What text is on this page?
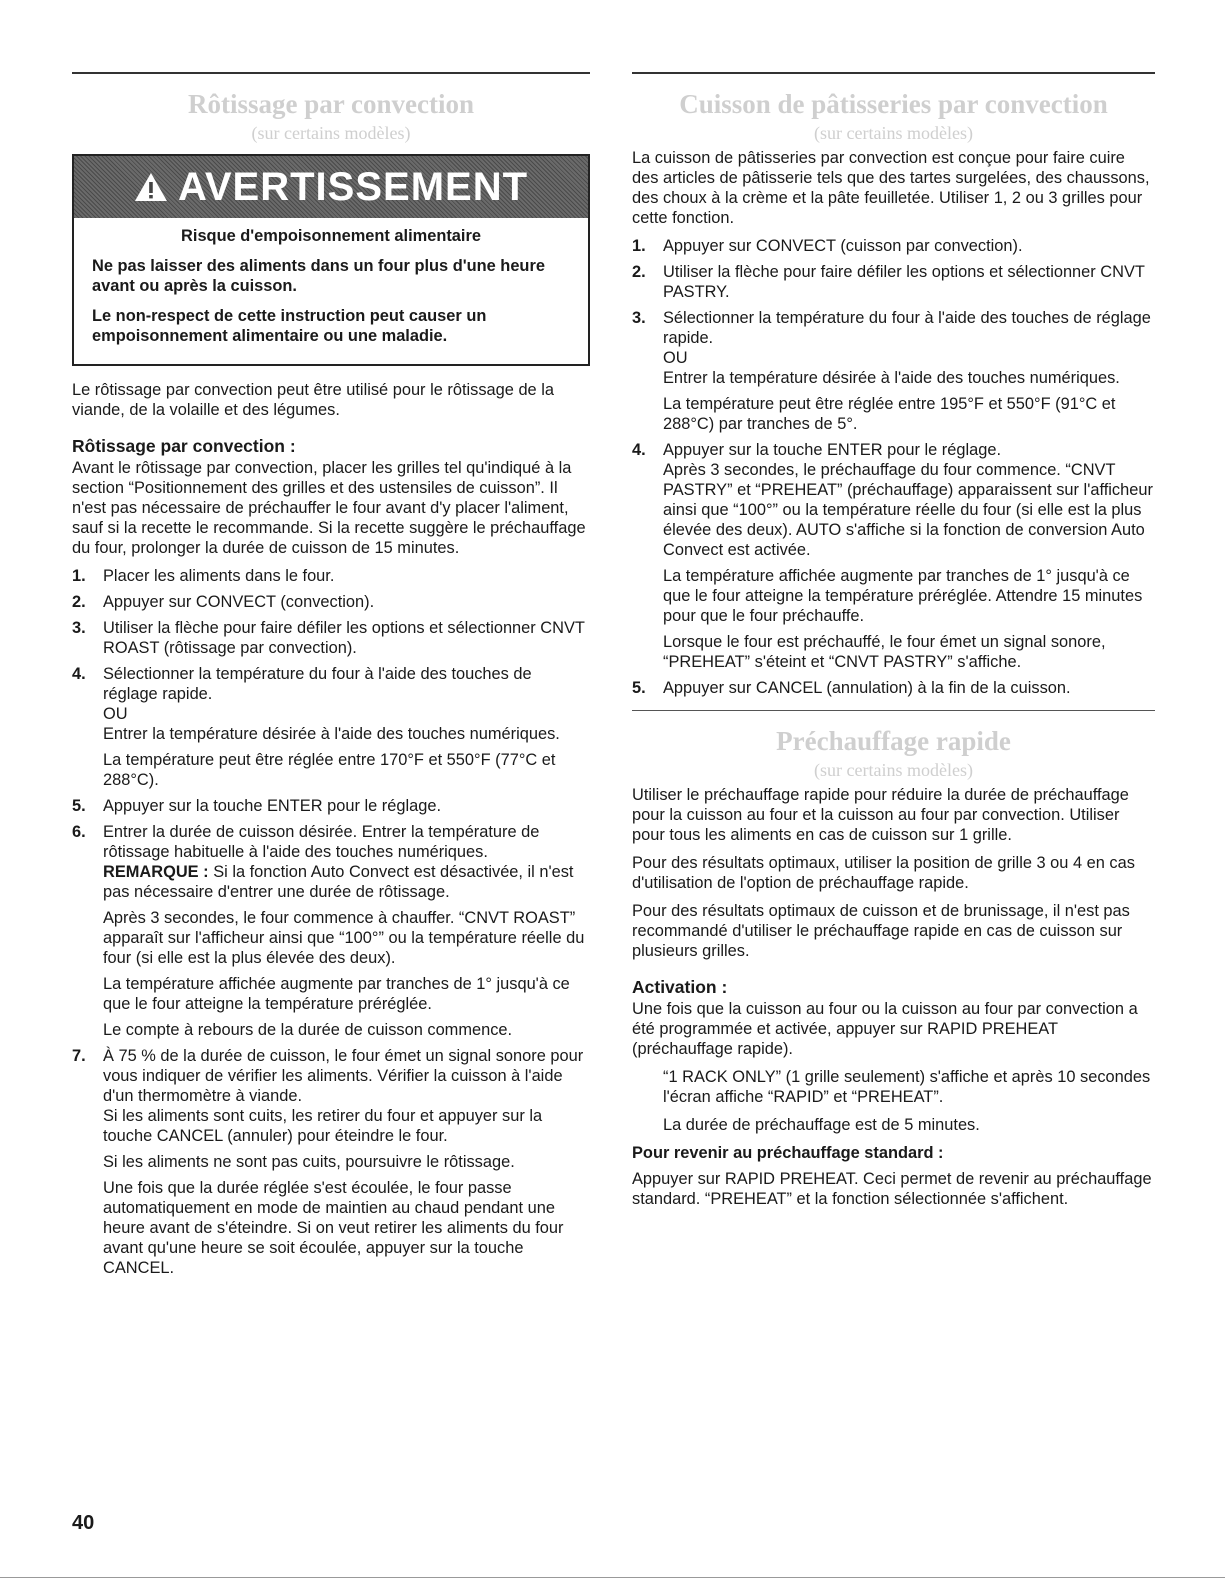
Rôtissage par convection
(sur certains modèles)
AVERTISSEMENT

Risque d'empoisonnement alimentaire

Ne pas laisser des aliments dans un four plus d'une heure avant ou après la cuisson.

Le non-respect de cette instruction peut causer un empoisonnement alimentaire ou une maladie.

Le rôtissage par convection peut être utilisé pour le rôtissage de la viande, de la volaille et des légumes.

Rôtissage par convection :

Avant le rôtissage par convection, placer les grilles tel qu'indiqué à la section “Positionnement des grilles et des ustensiles de cuisson”. Il n'est pas nécessaire de préchauffer le four avant d'y placer l'aliment, sauf si la recette le recommande. Si la recette suggère le préchauffage du four, prolonger la durée de cuisson de 15 minutes.

1. Placer les aliments dans le four.
2. Appuyer sur CONVECT (convection).
3. Utiliser la flèche pour faire défiler les options et sélectionner CNVT ROAST (rôtissage par convection).
4. Sélectionner la température du four à l'aide des touches de réglage rapide.

OU

Entrer la température désirée à l'aide des touches numériques.

La température peut être réglée entre 170°F et 550°F (77°C et 288°C).

5. Appuyer sur la touche ENTER pour le réglage.
6. Entrer la durée de cuisson désirée. Entrer la température de rôtissage habituelle à l'aide des touches numériques.

REMARQUE : Si la fonction Auto Convect est désactivée, il n'est pas nécessaire d'entrer une durée de rôtissage.

Après 3 secondes, le four commence à chauffer. “CNVT ROAST” apparaît sur l'afficheur ainsi que “100°” ou la température réelle du four (si elle est la plus élevée des deux).

La température affichée augmente par tranches de 1° jusqu'à ce que le four atteigne la température préréglée.

Le compte à rebours de la durée de cuisson commence.

7. À 75 % de la durée de cuisson, le four émet un signal sonore pour vous indiquer de vérifier les aliments. Vérifier la cuisson à l'aide d'un thermomètre à viande.

Si les aliments sont cuits, les retirer du four et appuyer sur la touche CANCEL (annuler) pour éteindre le four.

Si les aliments ne sont pas cuits, poursuivre le rôtissage.

Une fois que la durée réglée s'est écoulée, le four passe automatiquement en mode de maintien au chaud pendant une heure avant de s'éteindre. Si on veut retirer les aliments du four avant qu'une heure se soit écoulée, appuyer sur la touche CANCEL.

Cuisson de pâtisseries par convection
(sur certains modèles)

La cuisson de pâtisseries par convection est conçue pour faire cuire des articles de pâtisserie tels que des tartes surgelées, des chaussons, des choux à la crème et la pâte feuilletée. Utiliser 1, 2 ou 3 grilles pour cette fonction.

1. Appuyer sur CONVECT (cuisson par convection).
2. Utiliser la flèche pour faire défiler les options et sélectionner CNVT PASTRY.
3. Sélectionner la température du four à l'aide des touches de réglage rapide.

OU

Entrer la température désirée à l'aide des touches numériques.

La température peut être réglée entre 195°F et 550°F (91°C et 288°C) par tranches de 5°.

4. Appuyer sur la touche ENTER pour le réglage.

Après 3 secondes, le préchauffage du four commence. “CNVT PASTRY” et “PREHEAT” (préchauffage) apparaissent sur l'afficheur ainsi que “100°” ou la température réelle du four (si elle est la plus élevée des deux). AUTO s'affiche si la fonction de conversion Auto Convect est activée.

La température affichée augmente par tranches de 1° jusqu'à ce que le four atteigne la température préréglée. Attendre 15 minutes pour que le four préchauffe.

Lorsque le four est préchauffé, le four émet un signal sonore, “PREHEAT” s'éteint et “CNVT PASTRY” s'affiche.

5. Appuyer sur CANCEL (annulation) à la fin de la cuisson.
Préchauffage rapide
(sur certains modèles)

Utiliser le préchauffage rapide pour réduire la durée de préchauffage pour la cuisson au four et la cuisson au four par convection. Utiliser pour tous les aliments en cas de cuisson sur 1 grille.

Pour des résultats optimaux, utiliser la position de grille 3 ou 4 en cas d'utilisation de l'option de préchauffage rapide.

Pour des résultats optimaux de cuisson et de brunissage, il n'est pas recommandé d'utiliser le préchauffage rapide en cas de cuisson sur plusieurs grilles.

Activation :

Une fois que la cuisson au four ou la cuisson au four par convection a été programmée et activée, appuyer sur RAPID PREHEAT (préchauffage rapide).

“1 RACK ONLY” (1 grille seulement) s'affiche et après 10 secondes l'écran affiche “RAPID” et “PREHEAT”.

La durée de préchauffage est de 5 minutes.

Pour revenir au préchauffage standard :

Appuyer sur RAPID PREHEAT. Ceci permet de revenir au préchauffage standard. “PREHEAT” et la fonction sélectionnée s'affichent.

40
